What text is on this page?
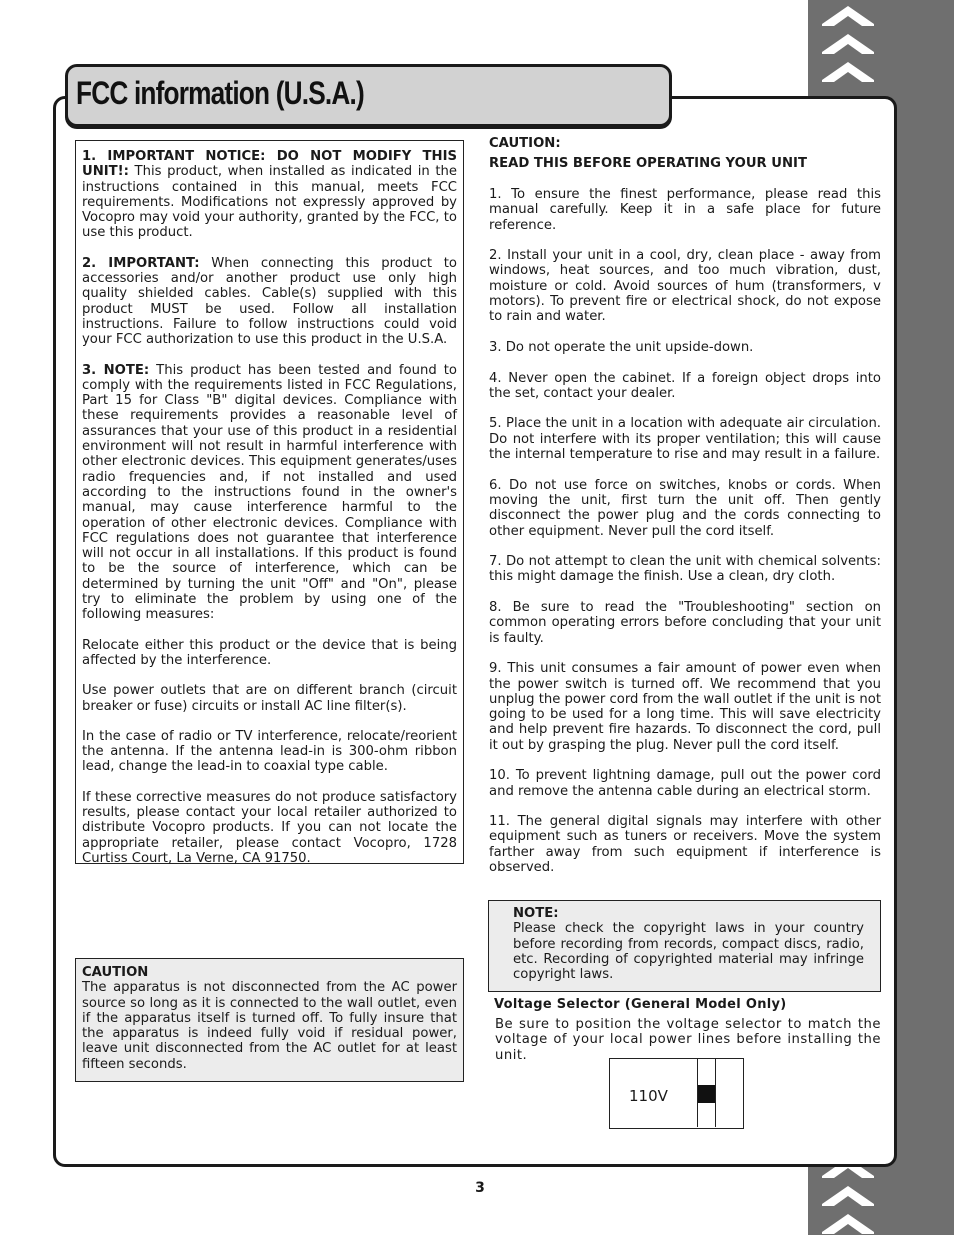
FCC information (U.S.A.)

1. IMPORTANT NOTICE: DO NOT MODIFY THIS UNIT!: This product, when installed as indicated in the instructions contained in this manual, meets FCC requirements. Modifications not expressly approved by Vocopro may void your authority, granted by the FCC, to use this product.

2. IMPORTANT: When connecting this product to accessories and/or another product use only high quality shielded cables. Cable(s) supplied with this product MUST be used. Follow all installation instructions. Failure to follow instructions could void your FCC authorization to use this product in the U.S.A.

3. NOTE: This product has been tested and found to comply with the requirements listed in FCC Regulations, Part 15 for Class "B" digital devices. Compliance with these requirements provides a reasonable level of assurances that your use of this product in a residential environment will not result in harmful interference with other electronic devices. This equipment generates/uses radio frequencies and, if not installed and used according to the instructions found in the owner's manual, may cause interference harmful to the operation of other electronic devices. Compliance with FCC regulations does not guarantee that interference will not occur in all installations. If this product is found to be the source of interference, which can be determined by turning the unit "Off" and "On", please try to eliminate the problem by using one of the following measures:

Relocate either this product or the device that is being affected by the interference.

Use power outlets that are on different branch (circuit breaker or fuse) circuits or install AC line filter(s).

In the case of radio or TV interference, relocate/reorient the antenna. If the antenna lead-in is 300-ohm ribbon lead, change the lead-in to coaxial type cable.

If these corrective measures do not produce satisfactory results, please contact your local retailer authorized to distribute Vocopro products. If you can not locate the appropriate retailer, please contact Vocopro, 1728 Curtiss Court, La Verne, CA 91750.

CAUTION
The apparatus is not disconnected from the AC power source so long as it is connected to the wall outlet, even if the apparatus itself is turned off. To fully insure that the apparatus is indeed fully void if residual power, leave unit disconnected from the AC outlet for at least fifteen seconds.
CAUTION:
READ THIS BEFORE OPERATING YOUR UNIT

1. To ensure the finest performance, please read this manual carefully. Keep it in a safe place for future reference.

2. Install your unit in a cool, dry, clean place - away from windows, heat sources, and too much vibration, dust, moisture or cold. Avoid sources of hum (transformers, v motors). To prevent fire or electrical shock, do not expose to rain and water.

3. Do not operate the unit upside-down.

4. Never open the cabinet. If a foreign object drops into the set, contact your dealer.

5. Place the unit in a location with adequate air circulation. Do not interfere with its proper ventilation; this will cause the internal temperature to rise and may result in a failure.

6. Do not use force on switches, knobs or cords. When moving the unit, first turn the unit off. Then gently disconnect the power plug and the cords connecting to other equipment. Never pull the cord itself.

7. Do not attempt to clean the unit with chemical solvents: this might damage the finish. Use a clean, dry cloth.

8. Be sure to read the "Troubleshooting" section on common operating errors before concluding that your unit is faulty.

9. This unit consumes a fair amount of power even when the power switch is turned off. We recommend that you unplug the power cord from the wall outlet if the unit is not going to be used for a long time. This will save electricity and help prevent fire hazards. To disconnect the cord, pull it out by grasping the plug. Never pull the cord itself.

10. To prevent lightning damage, pull out the power cord and remove the antenna cable during an electrical storm.

11. The general digital signals may interfere with other equipment such as tuners or receivers. Move the system farther away from such equipment if interference is observed.

NOTE:
Please check the copyright laws in your country before recording from records, compact discs, radio, etc. Recording of copyrighted material may infringe copyright laws.
Voltage Selector (General Model Only)
Be sure to position the voltage selector to match the voltage of your local power lines before installing the unit.
110V
3
